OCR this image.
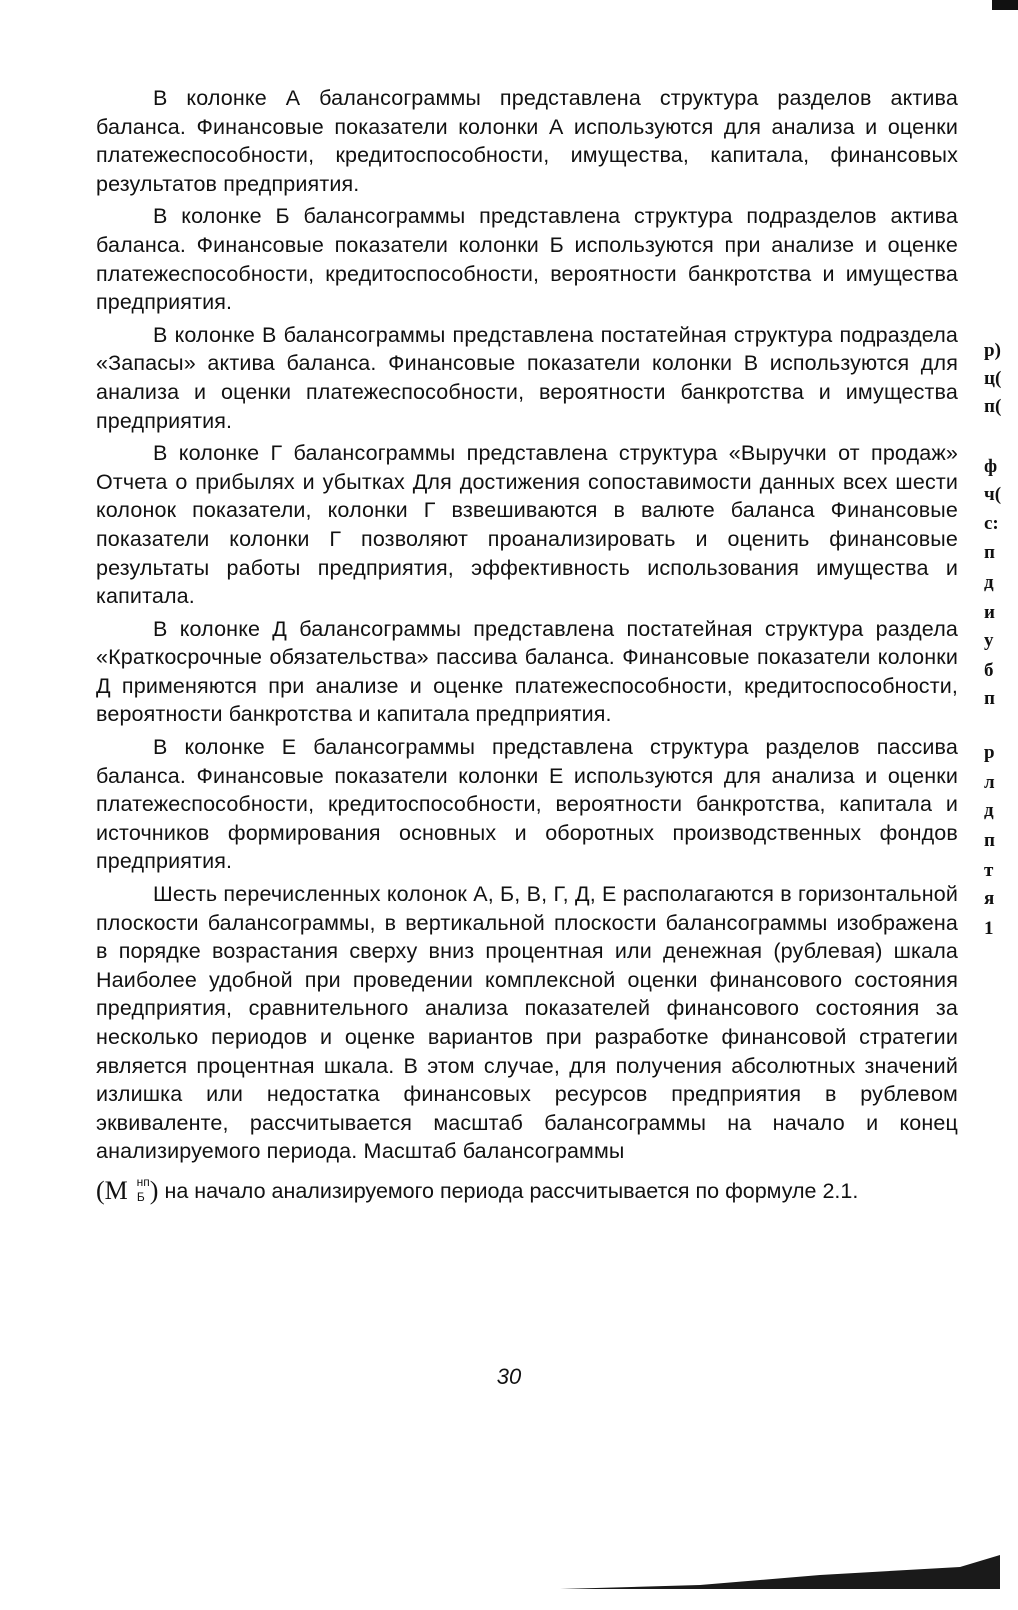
В колонке А балансограммы представлена структура разделов актива баланса. Финансовые показатели колонки А используются для анализа и оценки платежеспособности, кредитоспособности, имущества, капитала, финансовых результатов предприятия.

В колонке Б балансограммы представлена структура подразделов актива баланса. Финансовые показатели колонки Б используются при анализе и оценке платежеспособности, кредитоспособности, вероятности банкротства и имущества предприятия.

В колонке В балансограммы представлена постатейная структура подраздела «Запасы» актива баланса. Финансовые показатели колонки В используются для анализа и оценки платежеспособности, вероятности банкротства и имущества предприятия.

В колонке Г балансограммы представлена структура «Выручки от продаж» Отчета о прибылях и убытках Для достижения сопоставимости данных всех шести колонок показатели, колонки Г взвешиваются в валюте баланса Финансовые показатели колонки Г позволяют проанализировать и оценить финансовые результаты работы предприятия, эффективность использования имущества и капитала.

В колонке Д балансограммы представлена постатейная структура раздела «Краткосрочные обязательства» пассива баланса. Финансовые показатели колонки Д применяются при анализе и оценке платежеспособности, кредитоспособности, вероятности банкротства и капитала предприятия.

В колонке Е балансограммы представлена структура разделов пассива баланса. Финансовые показатели колонки Е используются для анализа и оценки платежеспособности, кредитоспособности, вероятности банкротства, капитала и источников формирования основных и оборотных производственных фондов предприятия.

Шесть перечисленных колонок А, Б, В, Г, Д, Е располагаются в горизонтальной плоскости балансограммы, в вертикальной плоскости балансограммы изображена в порядке возрастания сверху вниз процентная или денежная (рублевая) шкала Наиболее удобной при проведении комплексной оценки финансового состояния предприятия, сравнительного анализа показателей финансового состояния за несколько периодов и оценке вариантов при разработке финансовой стратегии является процентная шкала. В этом случае, для получения абсолютных значений излишка или недостатка финансовых ресурсов предприятия в рублевом эквиваленте, рассчитывается масштаб балансограммы на начало и конец анализируемого периода. Масштаб балансограммы

( M нп
Б ) на начало анализируемого периода рассчитывается по формуле 2.1.
р)
ц(
п(
ф
ч(
с:
п
д
и
у
б
п
р
л
д
п
т
я
1
30
